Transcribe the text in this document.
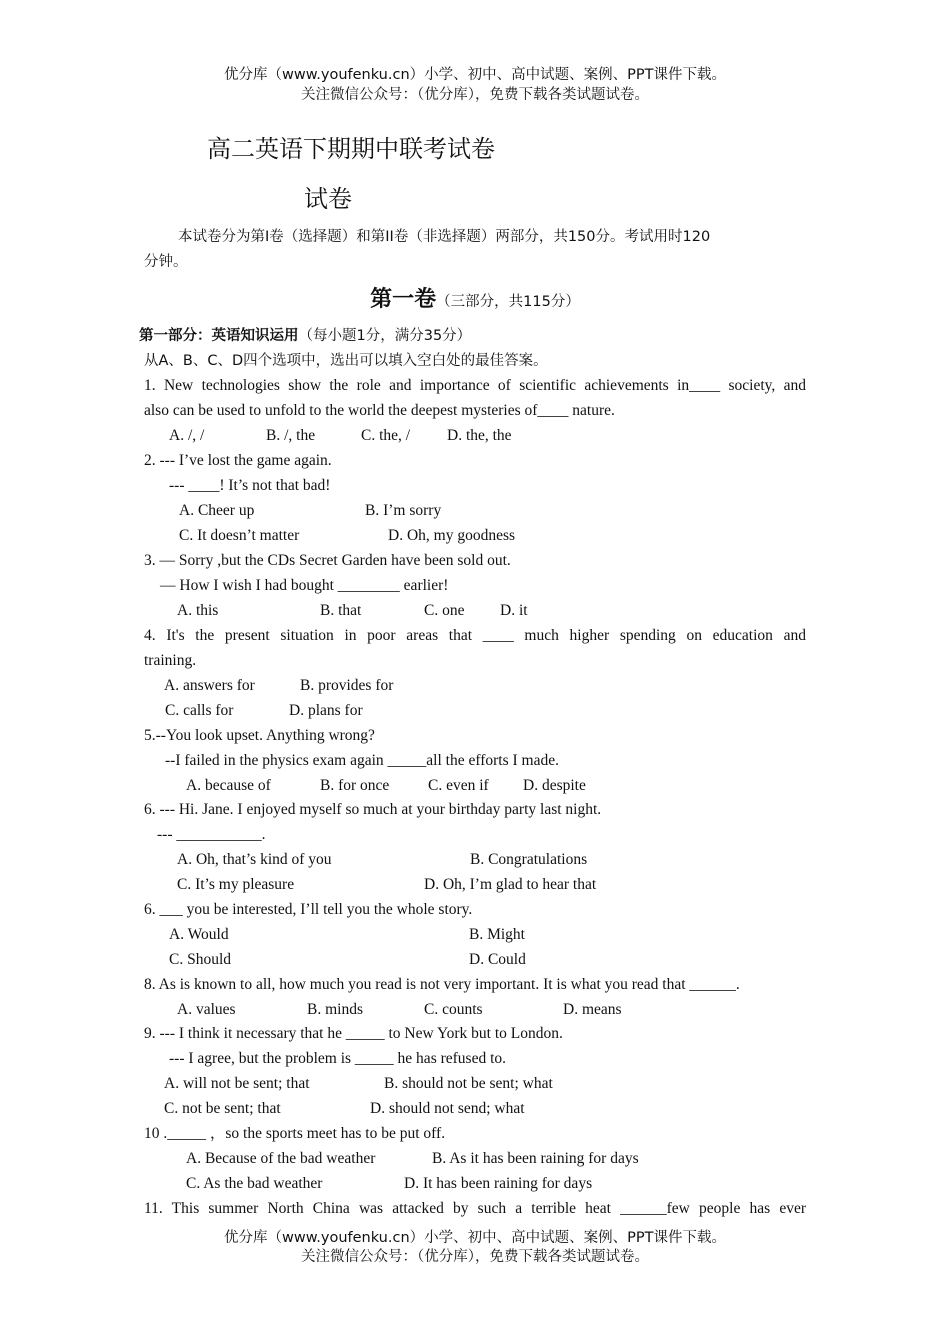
优分库（www.youfenku.cn）小学、初中、高中试题、案例、PPT课件下载。
关注微信公众号：（优分库），免费下载各类试题试卷。
高二英语下期期中联考试卷
试卷
本试卷分为第I卷（选择题）和第II卷（非选择题）两部分，共150分。考试用时120
分钟。
第一卷（三部分，共115分）
第一部分：英语知识运用（每小题1分，满分35分）
从A、B、C、D四个选项中，选出可以填入空白处的最佳答案。
1. New technologies show the role and importance of scientific achievements in____ society, and
also can be used to unfold to the world the deepest mysteries of____ nature.
A. /, /	B. /, the	C. the, / D. the, the
2. --- I’ve lost the game again.
--- ____! It’s not that bad!
A. Cheer up	B. I’m sorry
C. It doesn’t matter	D. Oh, my goodness
3. — Sorry ,but the CDs Secret Garden have been sold out.
— How I wish I had bought ________ earlier!
A. this	B. that	C. one D. it
4. It's the present situation in poor areas that ____ much higher spending on education and
training.
A. answers for	B. provides for
C. calls for	D. plans for
5.--You look upset. Anything wrong?
--I failed in the physics exam again _____all the efforts I made.
A. because of	B. for once C. even if D. despite
6. --- Hi. Jane. I enjoyed myself so much at your birthday party last night.
--- ___________.
A. Oh, that’s kind of you	B. Congratulations
C. It’s my pleasure	D. Oh, I’m glad to hear that
6. ___ you be interested, I’ll tell you the whole story.
A. Would	B. Might
C. Should	D. Could
8. As is known to all, how much you read is not very important. It is what you read that ______.
A. values	B. minds	C. counts	D. means
9. --- I think it necessary that he _____ to New York but to London.
--- I agree, but the problem is _____ he has refused to.
A. will not be sent; that	B. should not be sent; what
C. not be sent; that	D. should not send; what
10 ._____ ，so the sports meet has to be put off.
A. Because of the bad weather	B. As it has been raining for days
C. As the bad weather	D. It has been raining for days
11. This summer North China was attacked by such a terrible heat ______few people has ever
优分库（www.youfenku.cn）小学、初中、高中试题、案例、PPT课件下载。
关注微信公众号：（优分库），免费下载各类试题试卷。
